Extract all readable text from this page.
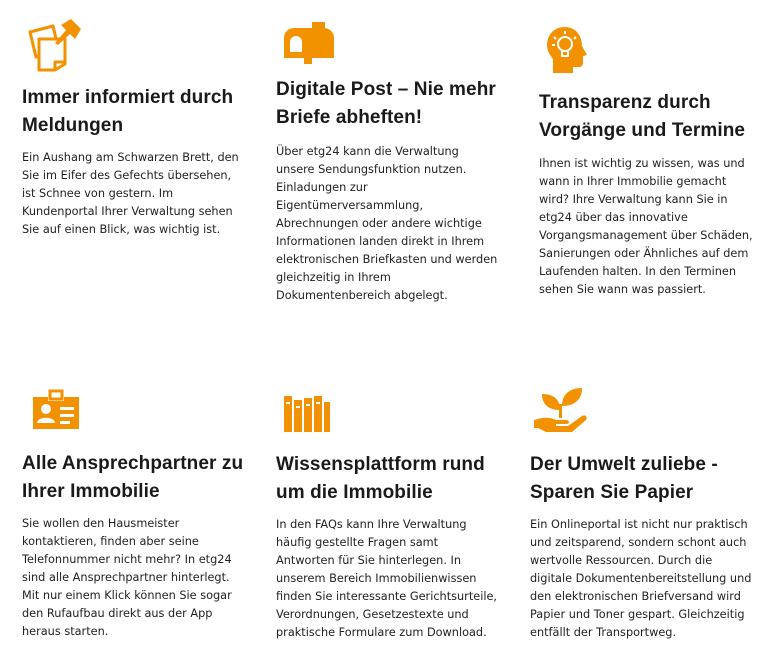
Immer informiert durch Meldungen

Ein Aushang am Schwarzen Brett, den Sie im Eifer des Gefechts übersehen, ist Schnee von gestern. Im Kundenportal Ihrer Verwaltung sehen Sie auf einen Blick, was wichtig ist.

Digitale Post – Nie mehr Briefe abheften!

Über etg24 kann die Verwaltung unsere Sendungsfunktion nutzen. Einladungen zur Eigentümerversammlung, Abrechnungen oder andere wichtige Informationen landen direkt in Ihrem elektronischen Briefkasten und werden gleichzeitig in Ihrem Dokumentenbereich abgelegt.

Transparenz durch Vorgänge und Termine

Ihnen ist wichtig zu wissen, was und wann in Ihrer Immobilie gemacht wird? Ihre Verwaltung kann Sie in etg24 über das innovative Vorgangsmanagement über Schäden, Sanierungen oder Ähnliches auf dem Laufenden halten. In den Terminen sehen Sie wann was passiert.

Alle Ansprechpartner zu Ihrer Immobilie

Sie wollen den Hausmeister kontaktieren, finden aber seine Telefonnummer nicht mehr? In etg24 sind alle Ansprechpartner hinterlegt. Mit nur einem Klick können Sie sogar den Rufaufbau direkt aus der App heraus starten.

Wissensplattform rund um die Immobilie

In den FAQs kann Ihre Verwaltung häufig gestellte Fragen samt Antworten für Sie hinterlegen. In unserem Bereich Immobilienwissen finden Sie interessante Gerichtsurteile, Verordnungen, Gesetzestexte und praktische Formulare zum Download.

Der Umwelt zuliebe - Sparen Sie Papier

Ein Onlineportal ist nicht nur praktisch und zeitsparend, sondern schont auch wertvolle Ressourcen. Durch die digitale Dokumentenbereitstellung und den elektronischen Briefversand wird Papier und Toner gespart. Gleichzeitig entfällt der Transportweg.
